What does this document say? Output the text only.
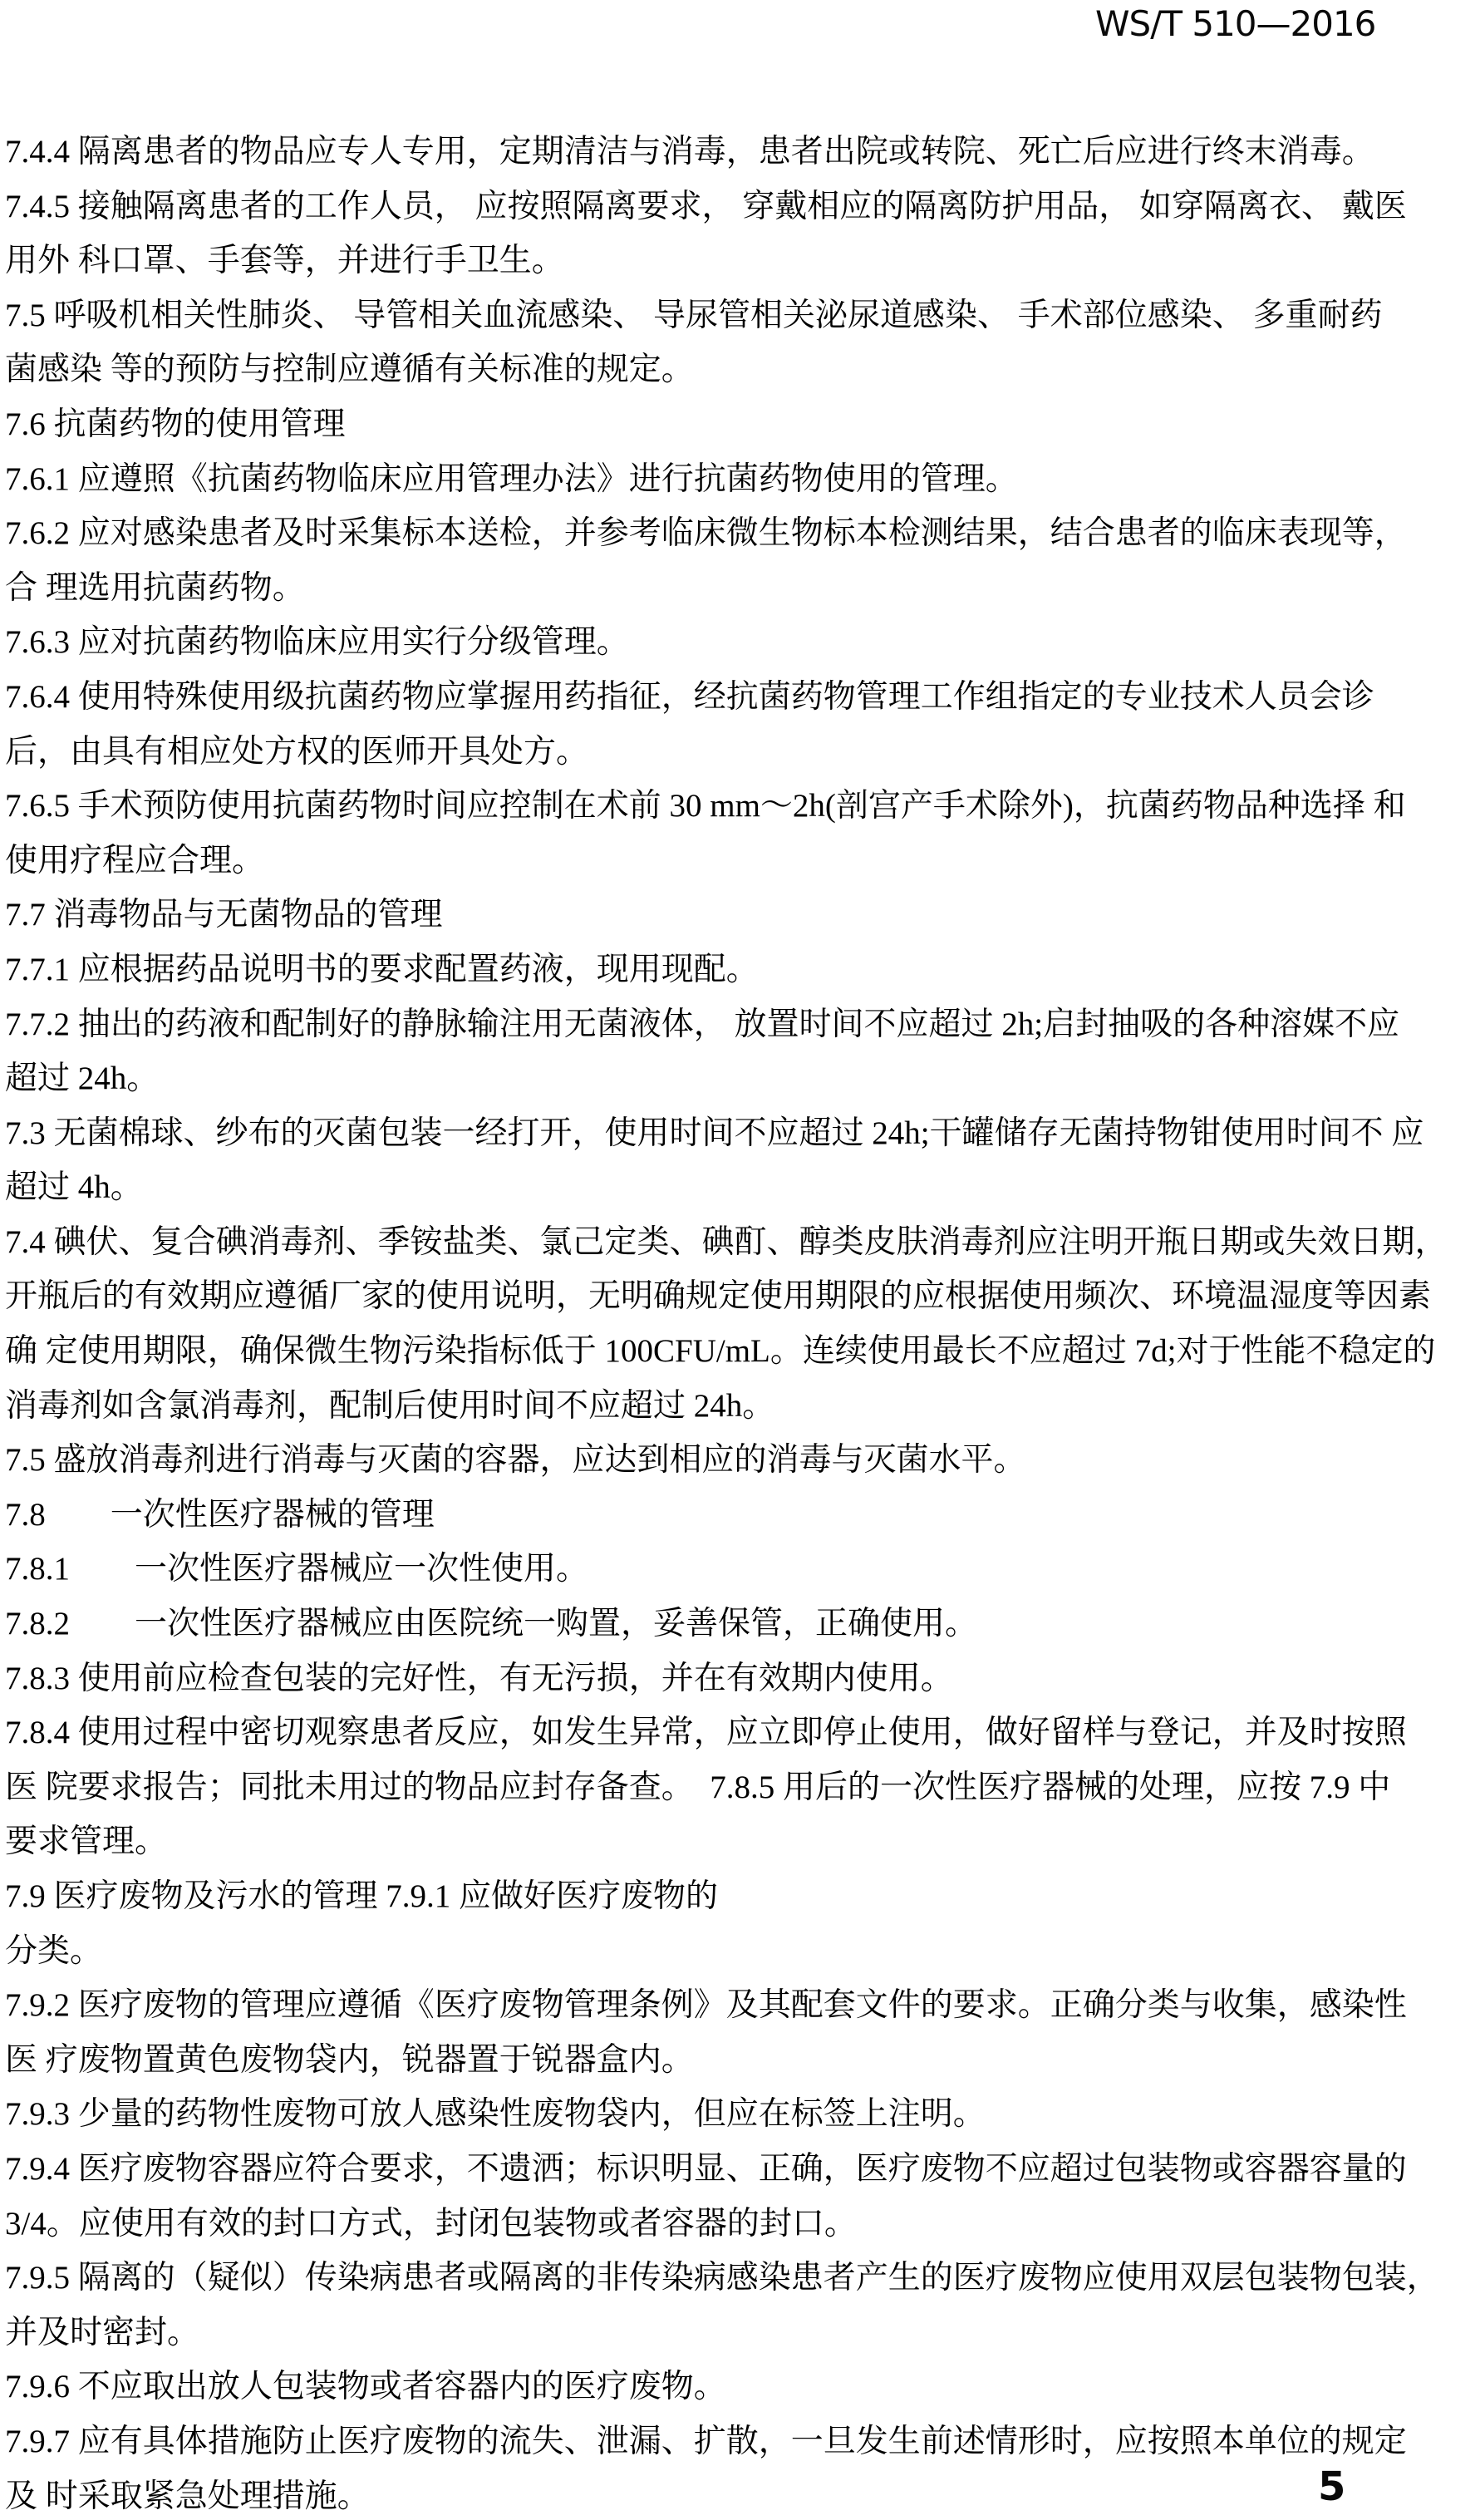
WS/T 510—2016
7.4.4 隔离患者的物品应专人专用，定期清洁与消毒，患者出院或转院、死亡后应进行终末消毒。
7.4.5 接触隔离患者的工作人员， 应按照隔离要求， 穿戴相应的隔离防护用品， 如穿隔离衣、 戴医
用外 科口罩、手套等，并进行手卫生。
7.5 呼吸机相关性肺炎、 导管相关血流感染、 导尿管相关泌尿道感染、 手术部位感染、 多重耐药
菌感染 等的预防与控制应遵循有关标准的规定。
7.6 抗菌药物的使用管理
7.6.1 应遵照《抗菌药物临床应用管理办法》进行抗菌药物使用的管理。
7.6.2 应对感染患者及时采集标本送检，并参考临床微生物标本检测结果，结合患者的临床表现等，
合 理选用抗菌药物。
7.6.3 应对抗菌药物临床应用实行分级管理。
7.6.4 使用特殊使用级抗菌药物应掌握用药指征，经抗菌药物管理工作组指定的专业技术人员会诊
后，由具有相应处方权的医师开具处方。
7.6.5 手术预防使用抗菌药物时间应控制在术前 30 mm～2h(剖宫产手术除外)，抗菌药物品种选择 和
使用疗程应合理。
7.7 消毒物品与无菌物品的管理
7.7.1 应根据药品说明书的要求配置药液，现用现配。
7.7.2 抽出的药液和配制好的静脉输注用无菌液体， 放置时间不应超过 2h;启封抽吸的各种溶媒不应
超过 24h。
7.3 无菌棉球、纱布的灭菌包装一经打开，使用时间不应超过 24h;干罐储存无菌持物钳使用时间不 应
超过 4h。
7.4 碘伏、复合碘消毒剂、季铵盐类、氯己定类、碘酊、醇类皮肤消毒剂应注明开瓶日期或失效日期，
开瓶后的有效期应遵循厂家的使用说明，无明确规定使用期限的应根据使用频次、环境温湿度等因素
确 定使用期限，确保微生物污染指标低于 100CFU/mL。连续使用最长不应超过 7d;对于性能不稳定的
消毒剂如含氯消毒剂，配制后使用时间不应超过 24h。
7.5 盛放消毒剂进行消毒与灭菌的容器，应达到相应的消毒与灭菌水平。
7.8　　一次性医疗器械的管理
7.8.1　　一次性医疗器械应一次性使用。
7.8.2　　一次性医疗器械应由医院统一购置，妥善保管，正确使用。
7.8.3 使用前应检查包装的完好性，有无污损，并在有效期内使用。
7.8.4 使用过程中密切观察患者反应，如发生异常，应立即停止使用，做好留样与登记，并及时按照
医 院要求报告；同批未用过的物品应封存备查。  7.8.5 用后的一次性医疗器械的处理，应按 7.9 中
要求管理。
7.9 医疗废物及污水的管理 7.9.1 应做好医疗废物的
分类。
7.9.2 医疗废物的管理应遵循《医疗废物管理条例》及其配套文件的要求。正确分类与收集，感染性
医 疗废物置黄色废物袋内，锐器置于锐器盒内。
7.9.3 少量的药物性废物可放人感染性废物袋内，但应在标签上注明。
7.9.4 医疗废物容器应符合要求，不遗洒；标识明显、正确，医疗废物不应超过包装物或容器容量的
3/4。应使用有效的封口方式，封闭包装物或者容器的封口。
7.9.5 隔离的（疑似）传染病患者或隔离的非传染病感染患者产生的医疗废物应使用双层包装物包装，
并及时密封。
7.9.6 不应取出放人包装物或者容器内的医疗废物。
7.9.7 应有具体措施防止医疗废物的流失、泄漏、扩散，一旦发生前述情形时，应按照本单位的规定
及 时采取紧急处理措施。	5
